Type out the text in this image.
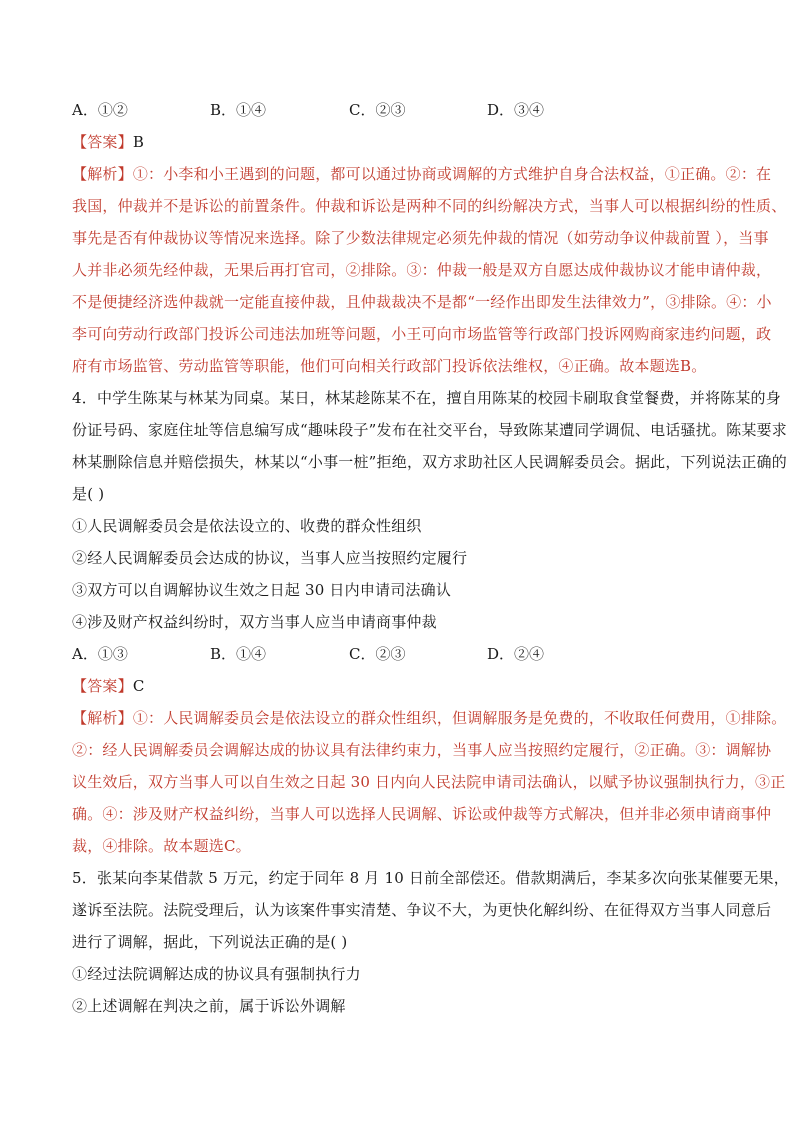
A．①②	B．①④	C．②③	D．③④
【答案】B
【解析】①：小李和小王遇到的问题，都可以通过协商或调解的方式维护自身合法权益，①正确。②：在
我国，仲裁并不是诉讼的前置条件。仲裁和诉讼是两种不同的纠纷解决方式，当事人可以根据纠纷的性质、
事先是否有仲裁协议等情况来选择。除了少数法律规定必须先仲裁的情况（如劳动争议仲裁前置 ），当事
人并非必须先经仲裁，无果后再打官司，②排除。③：仲裁一般是双方自愿达成仲裁协议才能申请仲裁，
不是便捷经济选仲裁就一定能直接仲裁，且仲裁裁决不是都“一经作出即发生法律效力”，③排除。④：小
李可向劳动行政部门投诉公司违法加班等问题，小王可向市场监管等行政部门投诉网购商家违约问题，政
府有市场监管、劳动监管等职能，他们可向相关行政部门投诉依法维权，④正确。故本题选B。
4．中学生陈某与林某为同桌。某日，林某趁陈某不在，擅自用陈某的校园卡刷取食堂餐费，并将陈某的身
份证号码、家庭住址等信息编写成“趣味段子”发布在社交平台，导致陈某遭同学调侃、电话骚扰。陈某要求
林某删除信息并赔偿损失，林某以“小事一桩”拒绝，双方求助社区人民调解委员会。据此，下列说法正确的
是( )
①人民调解委员会是依法设立的、收费的群众性组织
②经人民调解委员会达成的协议，当事人应当按照约定履行
③双方可以自调解协议生效之日起 30 日内申请司法确认
④涉及财产权益纠纷时，双方当事人应当申请商事仲裁
A．①③	B．①④	C．②③	D．②④
【答案】C
【解析】①：人民调解委员会是依法设立的群众性组织，但调解服务是免费的，不收取任何费用，①排除。
②：经人民调解委员会调解达成的协议具有法律约束力，当事人应当按照约定履行，②正确。③：调解协
议生效后，双方当事人可以自生效之日起 30 日内向人民法院申请司法确认，以赋予协议强制执行力，③正
确。④：涉及财产权益纠纷，当事人可以选择人民调解、诉讼或仲裁等方式解决，但并非必须申请商事仲
裁，④排除。故本题选C。
5．张某向李某借款 5 万元，约定于同年 8 月 10 日前全部偿还。借款期满后，李某多次向张某催要无果，
遂诉至法院。法院受理后，认为该案件事实清楚、争议不大，为更快化解纠纷、在征得双方当事人同意后
进行了调解，据此，下列说法正确的是( )
①经过法院调解达成的协议具有强制执行力
②上述调解在判决之前，属于诉讼外调解
